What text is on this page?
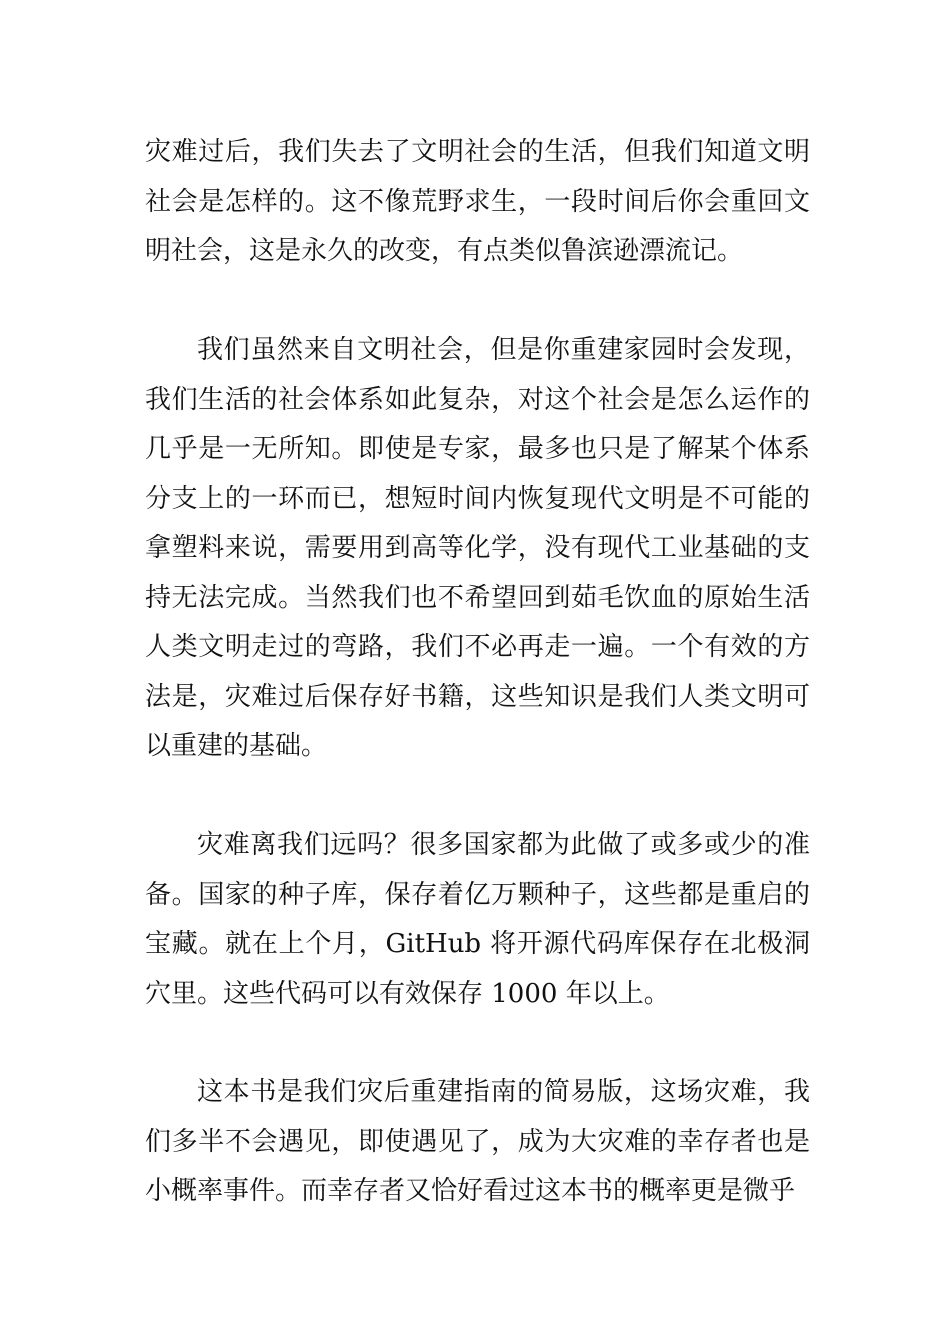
灾难过后，我们失去了文明社会的生活，但我们知道文明社会是怎样的。这不像荒野求生，一段时间后你会重回文明社会，这是永久的改变，有点类似鲁滨逊漂流记。

我们虽然来自文明社会，但是你重建家园时会发现，我们生活的社会体系如此复杂，对这个社会是怎么运作的几乎是一无所知。即使是专家，最多也只是了解某个体系分支上的一环而已，想短时间内恢复现代文明是不可能的拿塑料来说，需要用到高等化学，没有现代工业基础的支持无法完成。当然我们也不希望回到茹毛饮血的原始生活人类文明走过的弯路，我们不必再走一遍。一个有效的方法是，灾难过后保存好书籍，这些知识是我们人类文明可以重建的基础。

灾难离我们远吗？很多国家都为此做了或多或少的准备。国家的种子库，保存着亿万颗种子，这些都是重启的宝藏。就在上个月，GitHub 将开源代码库保存在北极洞穴里。这些代码可以有效保存 1000 年以上。

这本书是我们灾后重建指南的简易版，这场灾难，我们多半不会遇见，即使遇见了，成为大灾难的幸存者也是小概率事件。而幸存者又恰好看过这本书的概率更是微乎
